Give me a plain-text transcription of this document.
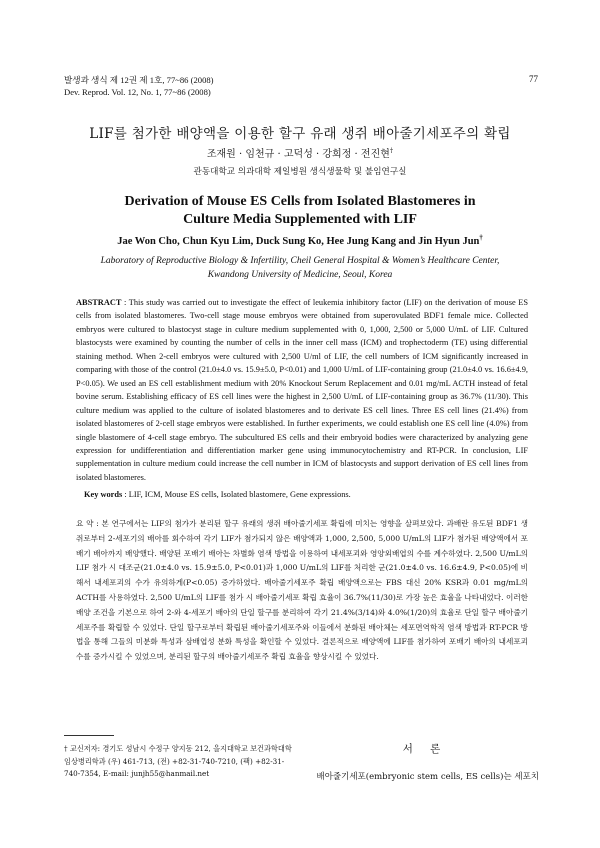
발생과 생식 제 12권 제 1호, 77~86 (2008)
Dev. Reprod. Vol. 12, No. 1, 77~86 (2008)
77
LIF를 첨가한 배양액을 이용한 할구 유래 생쥐 배아줄기세포주의 확립
조재원 · 임천규 · 고덕성 · 강희정 · 전진현†
관동대학교 의과대학 제일병원 생식생물학 및 불임연구실
Derivation of Mouse ES Cells from Isolated Blastomeres in
Culture Media Supplemented with LIF
Jae Won Cho, Chun Kyu Lim, Duck Sung Ko, Hee Jung Kang and Jin Hyun Jun†
Laboratory of Reproductive Biology & Infertility, Cheil General Hospital & Women’s Healthcare Center,
Kwandong University of Medicine, Seoul, Korea
ABSTRACT : This study was carried out to investigate the effect of leukemia inhibitory factor (LIF) on the derivation of mouse ES cells from isolated blastomeres. Two-cell stage mouse embryos were obtained from superovulated BDF1 female mice. Collected embryos were cultured to blastocyst stage in culture medium supplemented with 0, 1,000, 2,500 or 5,000 U/mL of LIF. Cultured blastocysts were examined by counting the number of cells in the inner cell mass (ICM) and trophectoderm (TE) using differential staining method. When 2-cell embryos were cultured with 2,500 U/ml of LIF, the cell numbers of ICM significantly increased in comparing with those of the control (21.0±4.0 vs. 15.9±5.0, P<0.01) and 1,000 U/mL of LIF-containing group (21.0±4.0 vs. 16.6±4.9, P<0.05). We used an ES cell establishment medium with 20% Knockout Serum Replacement and 0.01 mg/mL ACTH instead of fetal bovine serum. Establishing efficacy of ES cell lines were the highest in 2,500 U/mL of LIF-containing group as 36.7% (11/30). This culture medium was applied to the culture of isolated blastomeres and to derivate ES cell lines. Three ES cell lines (21.4%) from isolated blastomeres of 2-cell stage embryos were established. In further experiments, we could establish one ES cell line (4.0%) from single blastomere of 4-cell stage embryo. The subcultured ES cells and their embryoid bodies were characterized by analyzing gene expression for undifferentiation and differentiation marker gene using immunocytochemistry and RT-PCR. In conclusion, LIF supplementation in culture medium could increase the cell number in ICM of blastocysts and support derivation of ES cell lines from isolated blastomeres.
Key words : LIF, ICM, Mouse ES cells, Isolated blastomere, Gene expressions.
요 약 : 본 연구에서는 LIF의 첨가가 분리된 할구 유래의 생쥐 배아줄기세포 확립에 미치는 영향을 살펴보았다. 과배란 유도된 BDF1 생쥐로부터 2-세포기의 배아를 회수하여 각기 LIF가 첨가되지 않은 배양액과 1,000, 2,500, 5,000 U/mL의 LIF가 첨가된 배양액에서 포배기 배아까지 배양했다. 배양된 포배기 배아는 차별화 염색 방법을 이용하여 내세포괴와 영양외배엽의 수를 계수하였다. 2,500 U/mL의 LIF 첨가 시 대조군(21.0±4.0 vs. 15.9±5.0, P<0.01)과 1,000 U/mL의 LIF를 처리한 군(21.0±4.0 vs. 16.6±4.9, P<0.05)에 비해서 내세포괴의 수가 유의하게(P<0.05) 증가하였다. 배아줄기세포주 확립 배양액으로는 FBS 대신 20% KSR과 0.01 mg/mL의 ACTH를 사용하였다. 2,500 U/mL의 LIF를 첨가 시 배아줄기세포 확립 효율이 36.7%(11/30)로 가장 높은 효율을 나타내었다. 이러한 배양 조건을 기본으로 하여 2-와 4-세포기 배아의 단일 할구를 분리하여 각기 21.4%(3/14)와 4.0%(1/20)의 효율로 단일 할구 배아줄기세포주를 확립할 수 있었다. 단일 할구로부터 확립된 배아줄기세포주와 이들에서 분화된 배아체는 세포면역학적 염색 방법과 RT-PCR 방법을 통해 그들의 미분화 특성과 삼배엽성 분화 특성을 확인할 수 있었다. 결론적으로 배양액에 LIF를 첨가하여 포배기 배아의 내세포괴 수를 증가시킬 수 있었으며, 분리된 할구의 배아줄기세포주 확립 효율을 향상시킬 수 있었다.
† 교신저자: 경기도 성남시 수정구 양지동 212, 을지대학교 보건과학대학 임상병리학과 (우) 461-713, (전) +82-31-740-7210, (팩) +82-31-740-7354, E-mail: junjh55@hanmail.net
서 론
배아줄기세포(embryonic stem cells, ES cells)는 세포치
